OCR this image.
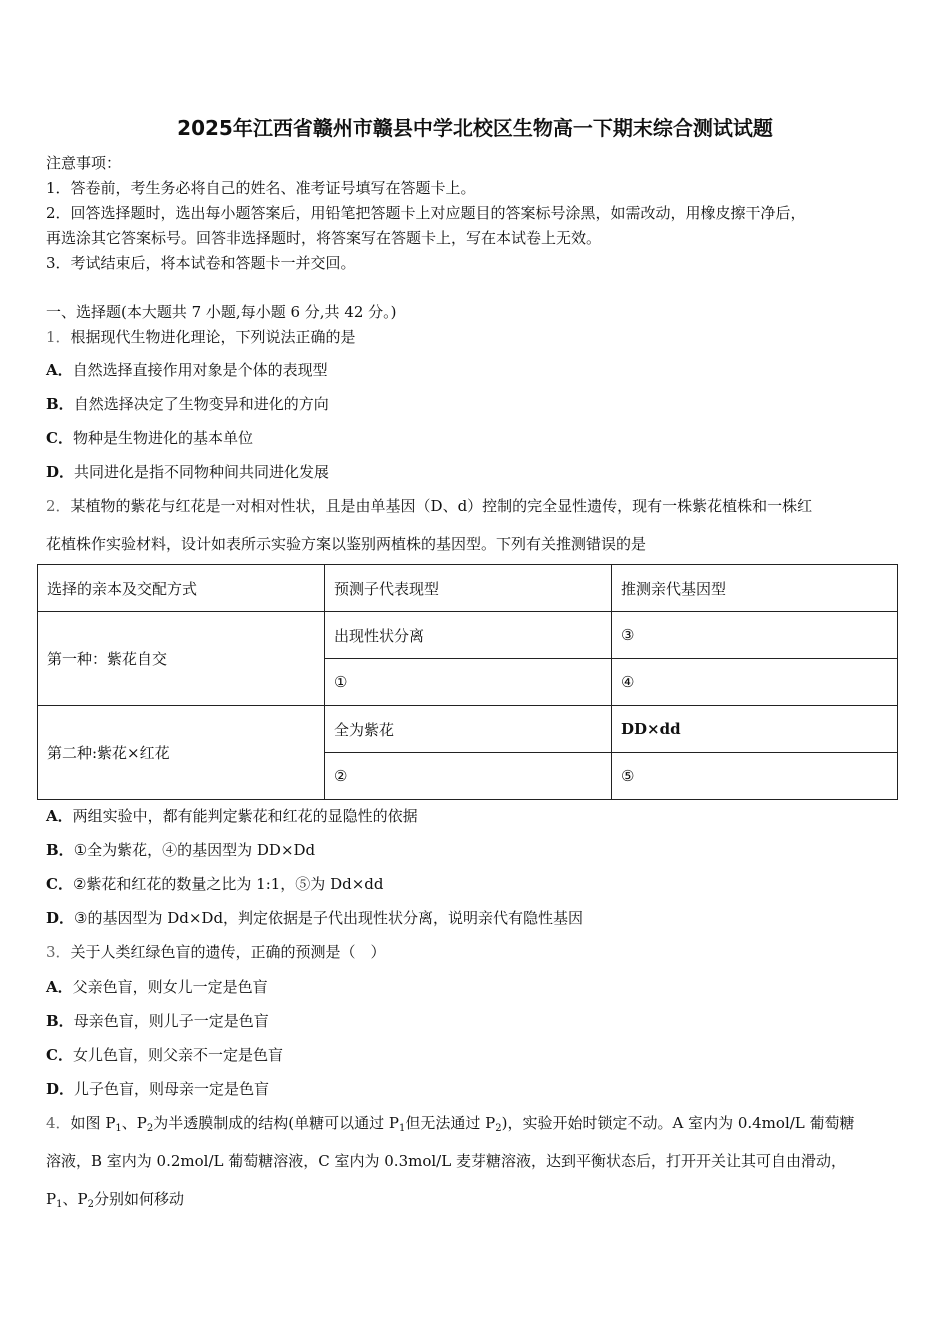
2025年江西省赣州市赣县中学北校区生物高一下期末综合测试试题
注意事项：
1．答卷前，考生务必将自己的姓名、准考证号填写在答题卡上。
2．回答选择题时，选出每小题答案后，用铅笔把答题卡上对应题目的答案标号涂黑，如需改动，用橡皮擦干净后，
再选涂其它答案标号。回答非选择题时，将答案写在答题卡上，写在本试卷上无效。
3．考试结束后，将本试卷和答题卡一并交回。
一、选择题(本大题共 7 小题,每小题 6 分,共 42 分。)
1．根据现代生物进化理论，下列说法正确的是
A．自然选择直接作用对象是个体的表现型
B．自然选择决定了生物变异和进化的方向
C．物种是生物进化的基本单位
D．共同进化是指不同物种间共同进化发展
2．某植物的紫花与红花是一对相对性状，且是由单基因（D、d）控制的完全显性遗传，现有一株紫花植株和一株红
花植株作实验材料，设计如表所示实验方案以鉴别两植株的基因型。下列有关推测错误的是
选择的亲本及交配方式	预测子代表现型	推测亲代基因型
第一种：紫花自交	出现性状分离	③
	①	④
第二种:紫花×红花	全为紫花	DD×dd
	②	⑤
A．两组实验中，都有能判定紫花和红花的显隐性的依据
B．①全为紫花，④的基因型为 DD×Dd
C．②紫花和红花的数量之比为 1:1，⑤为 Dd×dd
D．③的基因型为 Dd×Dd，判定依据是子代出现性状分离，说明亲代有隐性基因
3．关于人类红绿色盲的遗传，正确的预测是（　）
A．父亲色盲，则女儿一定是色盲
B．母亲色盲，则儿子一定是色盲
C．女儿色盲，则父亲不一定是色盲
D．儿子色盲，则母亲一定是色盲
4．如图 $P_1$、$P_2$为半透膜制成的结构(单糖可以通过 $P_1$但无法通过 $P_2$)，实验开始时锁定不动。A 室内为 0.4mol/L 葡萄糖
溶液，B 室内为 0.2mol/L 葡萄糖溶液，C 室内为 0.3mol/L 麦芽糖溶液，达到平衡状态后，打开开关让其可自由滑动，
$P_1$、$P_2$分别如何移动
